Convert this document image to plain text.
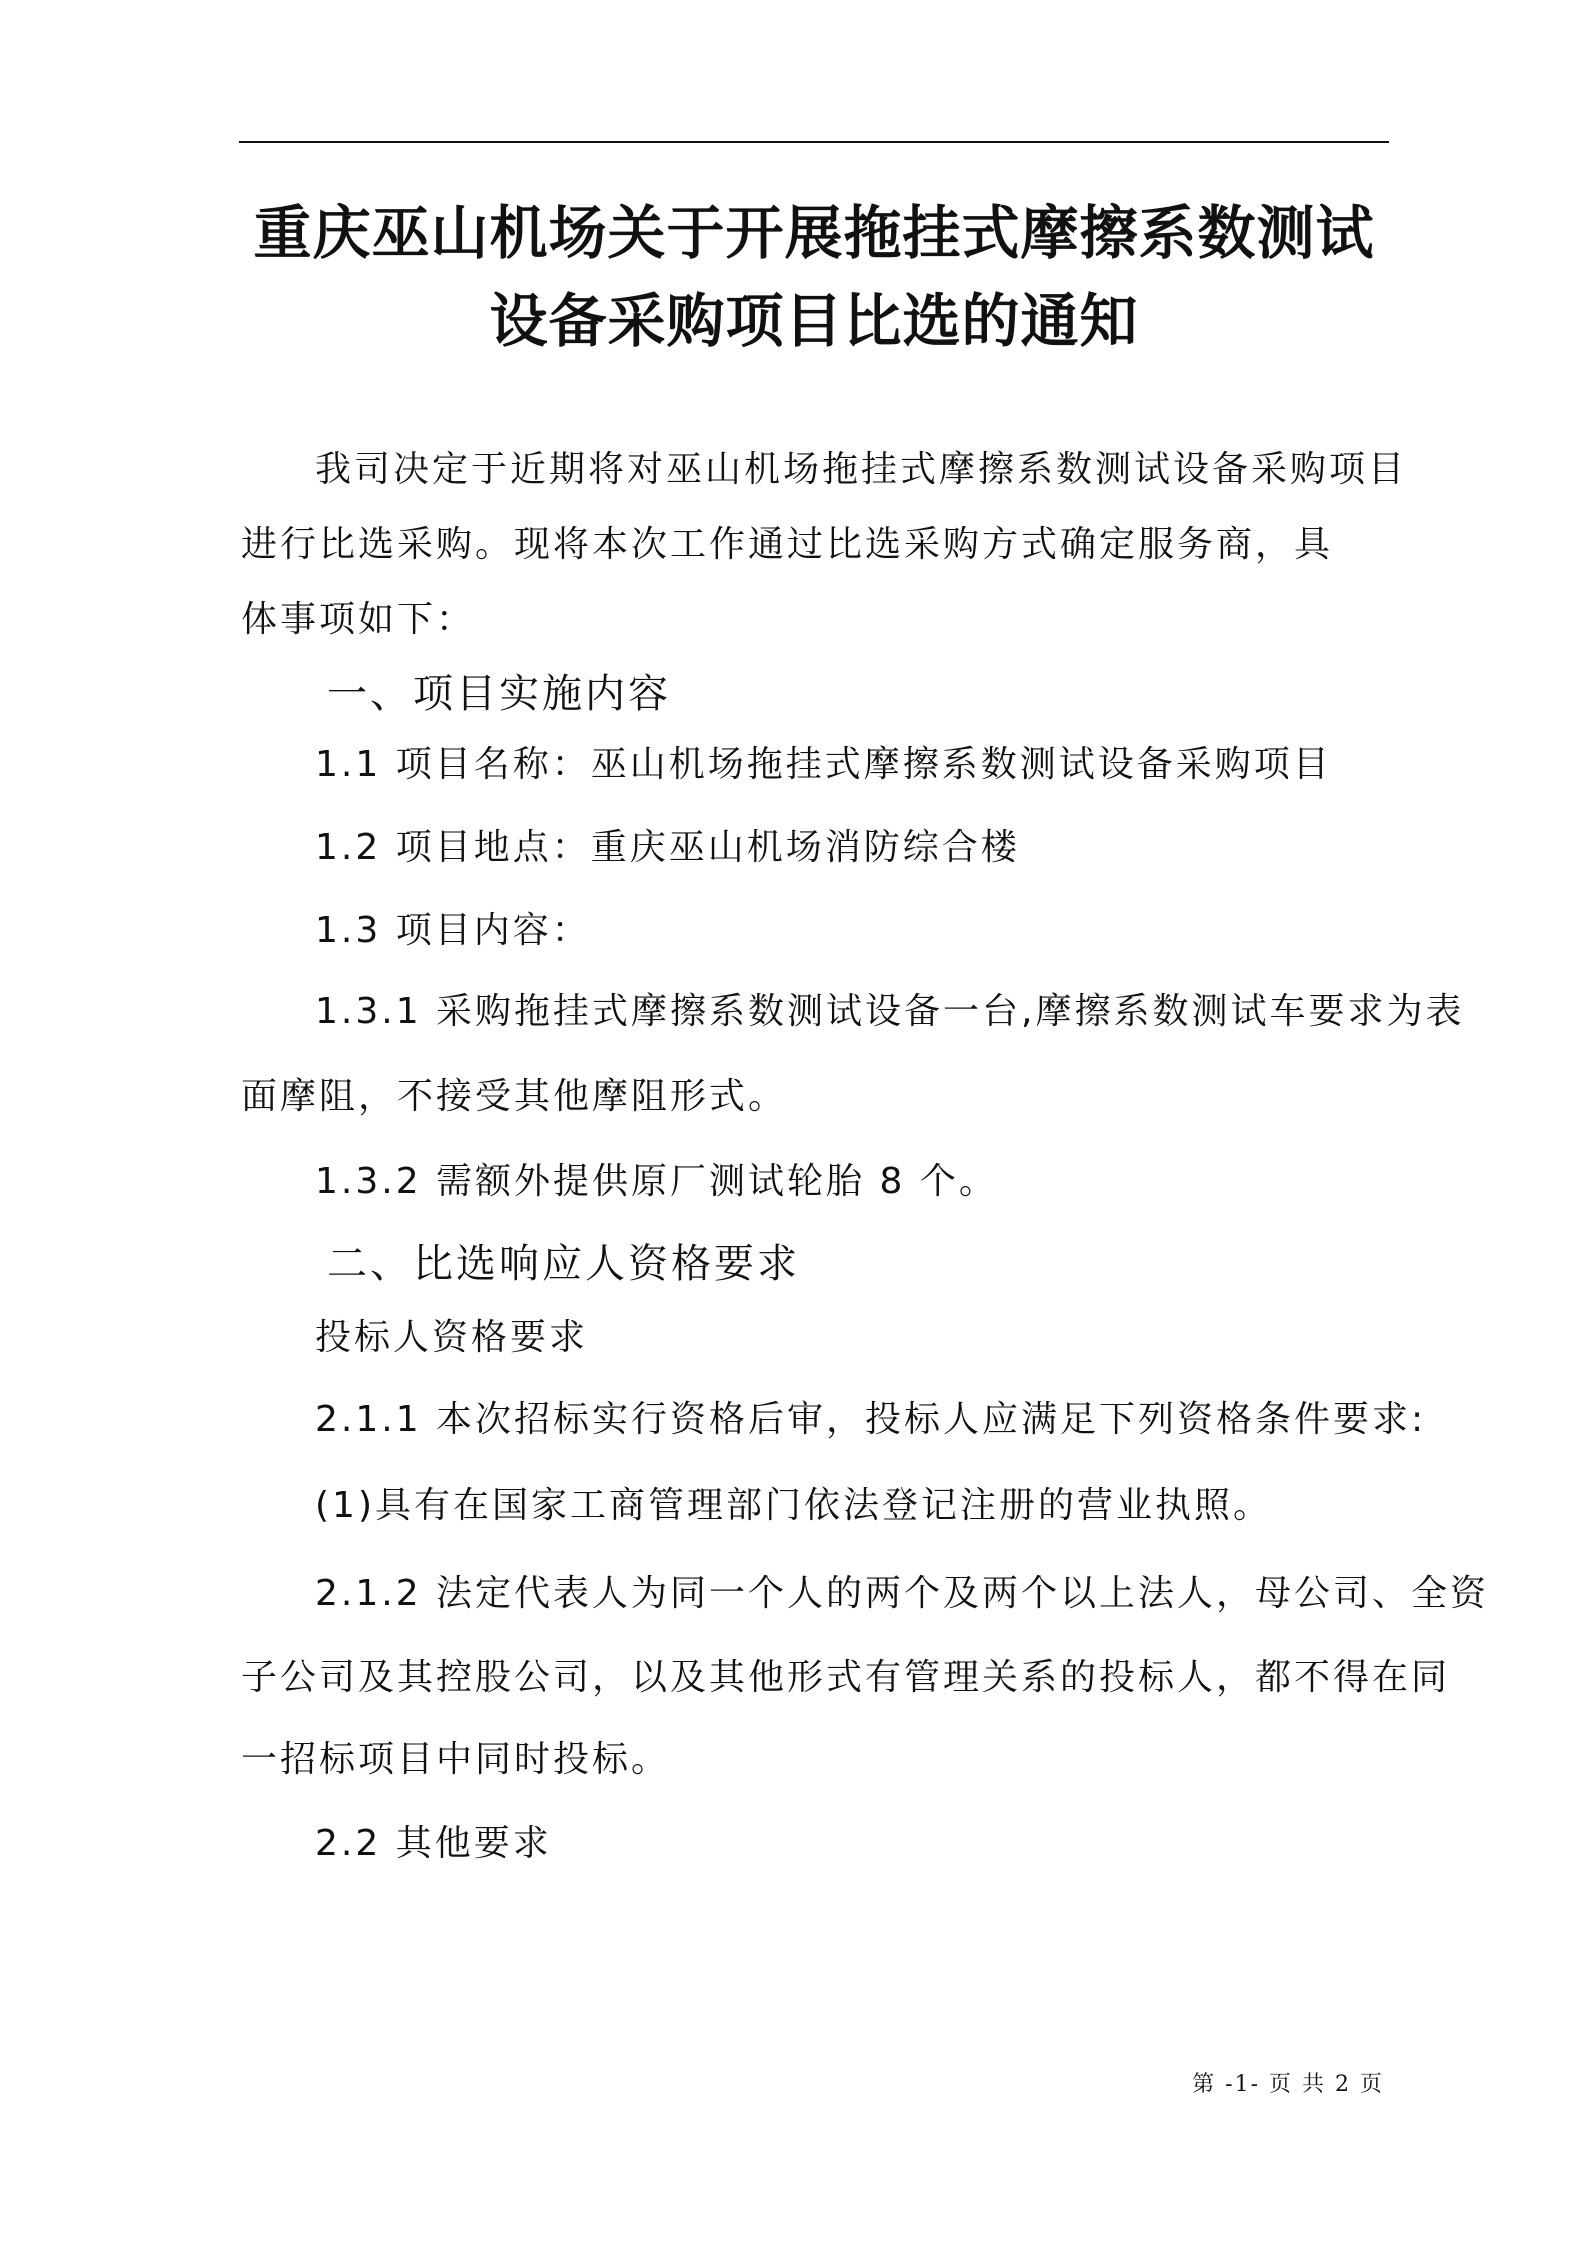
重庆巫山机场关于开展拖挂式摩擦系数测试
设备采购项目比选的通知
我司决定于近期将对巫山机场拖挂式摩擦系数测试设备采购项目
进行比选采购。现将本次工作通过比选采购方式确定服务商，具
体事项如下：
一、项目实施内容
1.1 项目名称：巫山机场拖挂式摩擦系数测试设备采购项目
1.2 项目地点：重庆巫山机场消防综合楼
1.3 项目内容：
1.3.1 采购拖挂式摩擦系数测试设备一台,摩擦系数测试车要求为表
面摩阻，不接受其他摩阻形式。
1.3.2 需额外提供原厂测试轮胎 8 个。
二、比选响应人资格要求
投标人资格要求
2.1.1 本次招标实行资格后审，投标人应满足下列资格条件要求:
(1)具有在国家工商管理部门依法登记注册的营业执照。
2.1.2 法定代表人为同一个人的两个及两个以上法人，母公司、全资
子公司及其控股公司，以及其他形式有管理关系的投标人，都不得在同
一招标项目中同时投标。
2.2 其他要求
第 -1- 页 共 2 页
